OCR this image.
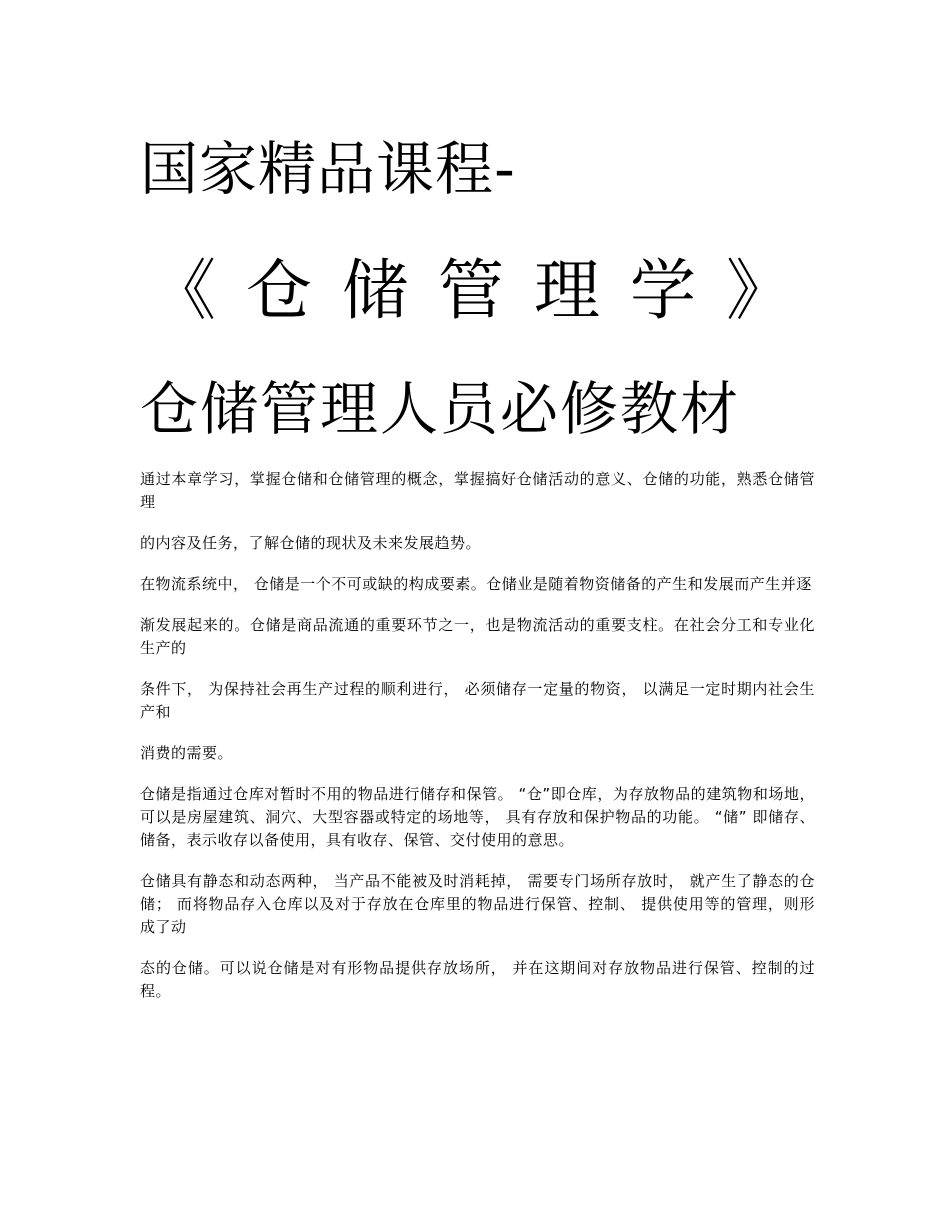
国家精品课程-
《仓储管理学》
仓储管理人员必修教材

通过本章学习，掌握仓储和仓储管理的概念，掌握搞好仓储活动的意义、仓储的功能，熟悉仓储管理

的内容及任务，了解仓储的现状及未来发展趋势。

在物流系统中， 仓储是一个不可或缺的构成要素。仓储业是随着物资储备的产生和发展而产生并逐

渐发展起来的。仓储是商品流通的重要环节之一，也是物流活动的重要支柱。在社会分工和专业化生产的

条件下， 为保持社会再生产过程的顺利进行， 必须储存一定量的物资， 以满足一定时期内社会生产和

消费的需要。

仓储是指通过仓库对暂时不用的物品进行储存和保管。 “仓”即仓库，为存放物品的建筑物和场地， 可以是房屋建筑、洞穴、大型容器或特定的场地等， 具有存放和保护物品的功能。 “储” 即储存、储备，表示收存以备使用，具有收存、保管、交付使用的意思。

仓储具有静态和动态两种， 当产品不能被及时消耗掉， 需要专门场所存放时， 就产生了静态的仓储； 而将物品存入仓库以及对于存放在仓库里的物品进行保管、控制、 提供使用等的管理，则形成了动

态的仓储。可以说仓储是对有形物品提供存放场所， 并在这期间对存放物品进行保管、控制的过程。
